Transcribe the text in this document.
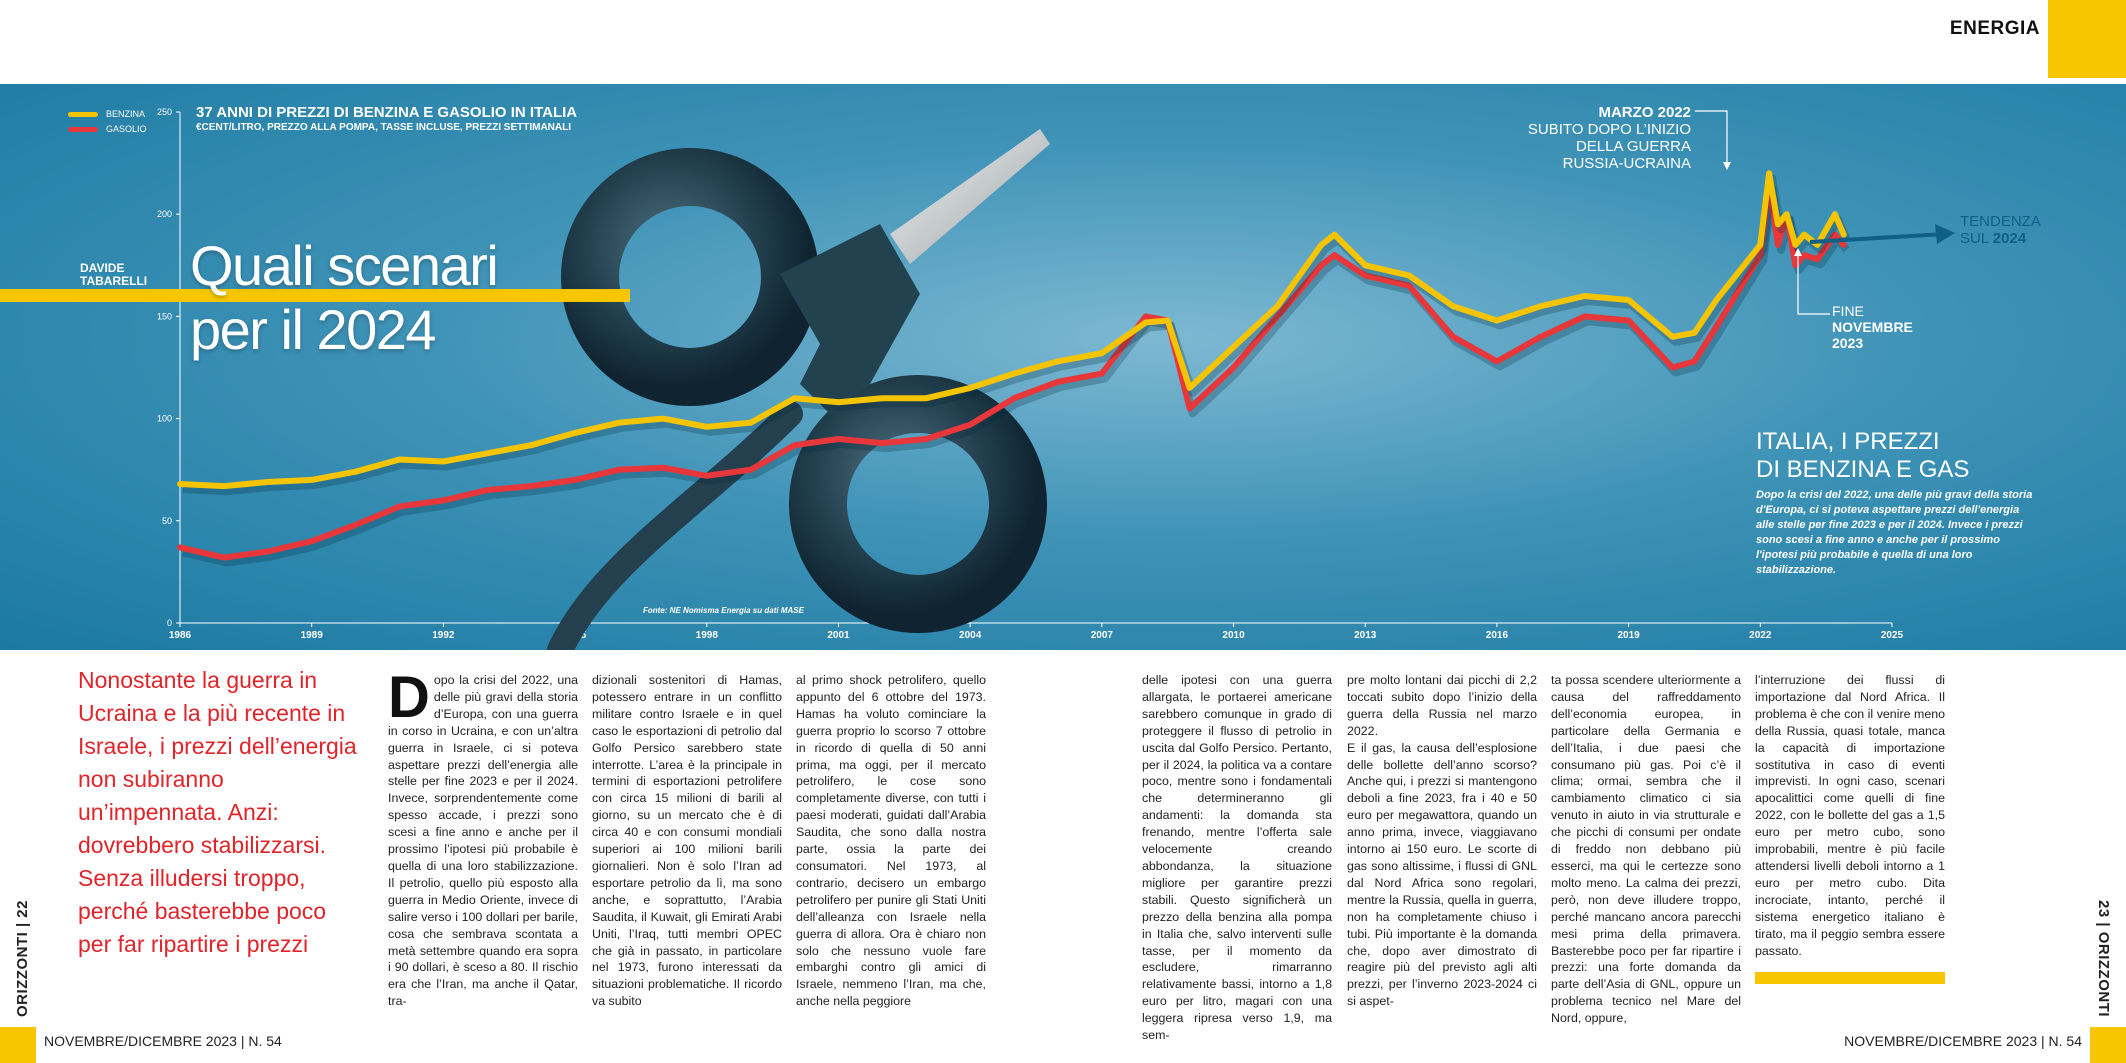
ENERGIA
0
50
100
150
200
250
1986	1989	1992	1995	1998	2001	2004	2007	2010	2013	2016	2019	2022	2025
Fonte: NE Nomisma Energia su dati MASE
DAVIDE
TABARELLI Quali scenari
per il 2024
37 ANNI DI PREZZI DI BENZINA E GASOLIO IN ITALIA
€CENT/LITRO, PREZZO ALLA POMPA, TASSE INCLUSE, PREZZI SETTIMANALI
BENZINA
GASOLIO
MARZO 2022
SUBITO DOPO L’INIZIO
DELLA GUERRA
RUSSIA-UCRAINA
FINE
NOVEMBRE
2023
TENDENZA
SUL 2024
ITALIA, I PREZZI
DI BENZINA E GAS
Dopo la crisi del 2022, una delle più gravi della storia d'Europa, ci si poteva aspettare prezzi dell'energia alle stelle per fine 2023 e per il 2024. Invece i prezzi sono scesi a fine anno e anche per il prossimo l'ipotesi più probabile è quella di una loro stabilizzazione.
Nonostante la guerra in Ucraina e la più recente in Israele, i prezzi dell’energia non subiranno un’impennata. Anzi: dovrebbero stabilizzarsi. Senza illudersi troppo, perché basterebbe poco per far ripartire i prezzi
Dopo la crisi del 2022, una delle più gravi della storia d’Europa, con una guerra in corso in Ucraina, e con un’altra guerra in Israele, ci si poteva aspettare prezzi dell’energia alle stelle per fine 2023 e per il 2024. Invece, sorprendentemente come spesso accade, i prezzi sono scesi a fine anno e anche per il prossimo l’ipotesi più probabile è quella di una loro stabilizzazione. Il petrolio, quello più esposto alla guerra in Medio Oriente, invece di salire verso i 100 dollari per barile, cosa che sembrava scontata a metà settembre quando era sopra i 90 dollari, è sceso a 80. Il rischio era che l’Iran, ma anche il Qatar, tra-
dizionali sostenitori di Hamas, potessero entrare in un conflitto militare contro Israele e in quel caso le esportazioni di petrolio dal Golfo Persico sarebbero state interrotte. L’area è la principale in termini di esportazioni petrolifere con circa 15 milioni di barili al giorno, su un mercato che è di circa 40 e con consumi mondiali superiori ai 100 milioni barili giornalieri. Non è solo l’Iran ad esportare petrolio da lì, ma sono anche, e soprattutto, l’Arabia Saudita, il Kuwait, gli Emirati Arabi Uniti, l’Iraq, tutti membri OPEC che già in passato, in particolare nel 1973, furono interessati da situazioni problematiche. Il ricordo va subito
al primo shock petrolifero, quello appunto del 6 ottobre del 1973. Hamas ha voluto cominciare la guerra proprio lo scorso 7 ottobre in ricordo di quella di 50 anni prima, ma oggi, per il mercato petrolifero, le cose sono completamente diverse, con tutti i paesi moderati, guidati dall’Arabia Saudita, che sono dalla nostra parte, ossia la parte dei consumatori. Nel 1973, al contrario, decisero un embargo petrolifero per punire gli Stati Uniti dell’alleanza con Israele nella guerra di allora. Ora è chiaro non solo che nessuno vuole fare embarghi contro gli amici di Israele, nemmeno l’Iran, ma che, anche nella peggiore
delle ipotesi con una guerra allargata, le portaerei americane sarebbero comunque in grado di proteggere il flusso di petrolio in uscita dal Golfo Persico. Pertanto, per il 2024, la politica va a contare poco, mentre sono i fondamentali che determineranno gli andamenti: la domanda sta frenando, mentre l’offerta sale velocemente creando abbondanza, la situazione migliore per garantire prezzi stabili. Questo significherà un prezzo della benzina alla pompa in Italia che, salvo interventi sulle tasse, per il momento da escludere, rimarranno relativamente bassi, intorno a 1,8 euro per litro, magari con una leggera ripresa verso 1,9, ma sem-
pre molto lontani dai picchi di 2,2 toccati subito dopo l’inizio della guerra della Russia nel marzo 2022.
E il gas, la causa dell’esplosione delle bollette dell’anno scorso? Anche qui, i prezzi si mantengono deboli a fine 2023, fra i 40 e 50 euro per megawattora, quando un anno prima, invece, viaggiavano intorno ai 150 euro. Le scorte di gas sono altissime, i flussi di GNL dal Nord Africa sono regolari, mentre la Russia, quella in guerra, non ha completamente chiuso i tubi. Più importante è la domanda che, dopo aver dimostrato di reagire più del previsto agli alti prezzi, per l’inverno 2023-2024 ci si aspet-
ta possa scendere ulteriormente a causa del raffreddamento dell’economia europea, in particolare della Germania e dell’Italia, i due paesi che consumano più gas. Poi c’è il clima; ormai, sembra che il cambiamento climatico ci sia venuto in aiuto in via strutturale e che picchi di consumi per ondate di freddo non debbano più esserci, ma qui le certezze sono molto meno. La calma dei prezzi, però, non deve illudere troppo, perché mancano ancora parecchi mesi prima della primavera. Basterebbe poco per far ripartire i prezzi: una forte domanda da parte dell’Asia di GNL, oppure un problema tecnico nel Mare del Nord, oppure,
l’interruzione dei flussi di importazione dal Nord Africa. Il problema è che con il venire meno della Russia, quasi totale, manca la capacità di importazione sostitutiva in caso di eventi imprevisti. In ogni caso, scenari apocalittici come quelli di fine 2022, con le bollette del gas a 1,5 euro per metro cubo, sono improbabili, mentre è più facile attendersi livelli deboli intorno a 1 euro per metro cubo. Dita incrociate, intanto, perché il sistema energetico italiano è tirato, ma il peggio sembra essere passato.
NOVEMBRE/DICEMBRE 2023 | N. 54
ORIZZONTI | 22
NOVEMBRE/DICEMBRE 2023 | N. 54
23 | ORIZZONTI
